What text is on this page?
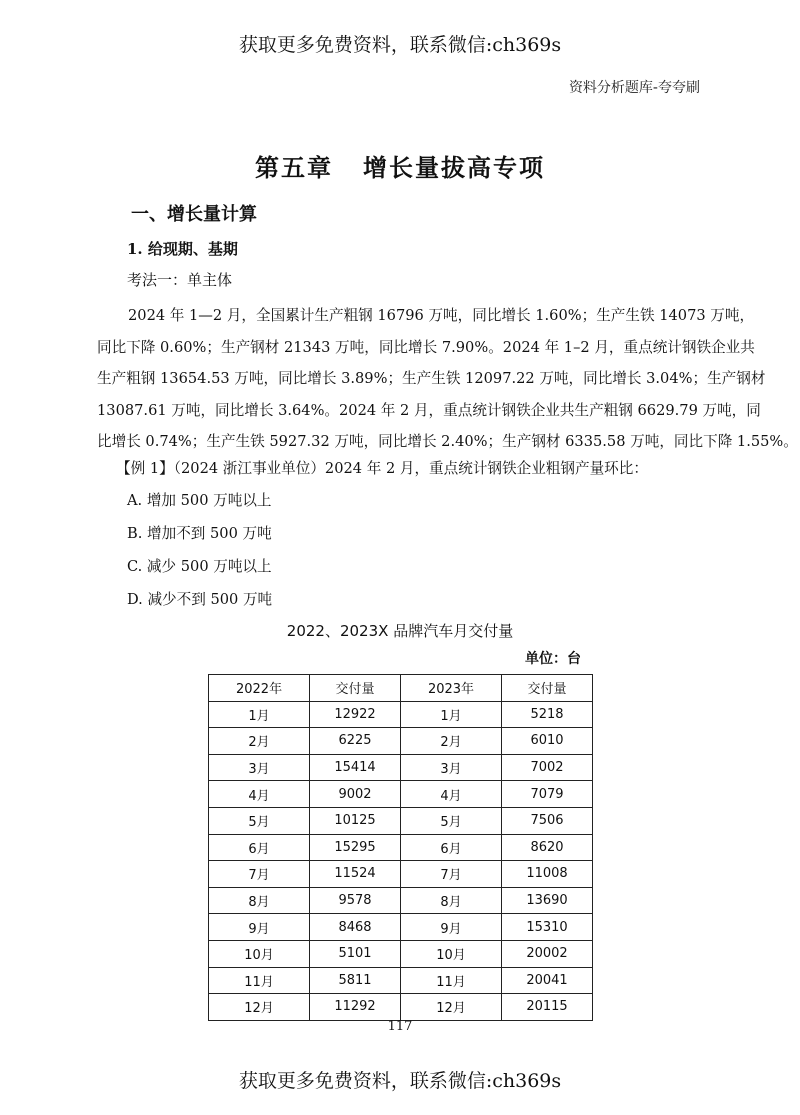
获取更多免费资料，联系微信:ch369s
资料分析题库-夸夸刷
第五章 增长量拔高专项
一、增长量计算
1. 给现期、基期
考法一：单主体
2024 年 1—2 月，全国累计生产粗钢 16796 万吨，同比增长 1.60%；生产生铁 14073 万吨，
同比下降 0.60%；生产钢材 21343 万吨，同比增长 7.90%。2024 年 1–2 月，重点统计钢铁企业共
生产粗钢 13654.53 万吨，同比增长 3.89%；生产生铁 12097.22 万吨，同比增长 3.04%；生产钢材
13087.61 万吨，同比增长 3.64%。2024 年 2 月，重点统计钢铁企业共生产粗钢 6629.79 万吨，同
比增长 0.74%；生产生铁 5927.32 万吨，同比增长 2.40%；生产钢材 6335.58 万吨，同比下降 1.55%。
【例 1】（2024 浙江事业单位）2024 年 2 月，重点统计钢铁企业粗钢产量环比：
A. 增加 500 万吨以上
B. 增加不到 500 万吨
C. 减少 500 万吨以上
D. 减少不到 500 万吨
2022、2023X 品牌汽车月交付量
单位：台
2022年	交付量	2023年	交付量
1月	12922	1月	5218
2月	6225	2月	6010
3月	15414	3月	7002
4月	9002	4月	7079
5月	10125	5月	7506
6月	15295	6月	8620
7月	11524	7月	11008
8月	9578	8月	13690
9月	8468	9月	15310
10月	5101	10月	20002
11月	5811	11月	20041
12月	11292	12月	20115
117
获取更多免费资料，联系微信:ch369s
